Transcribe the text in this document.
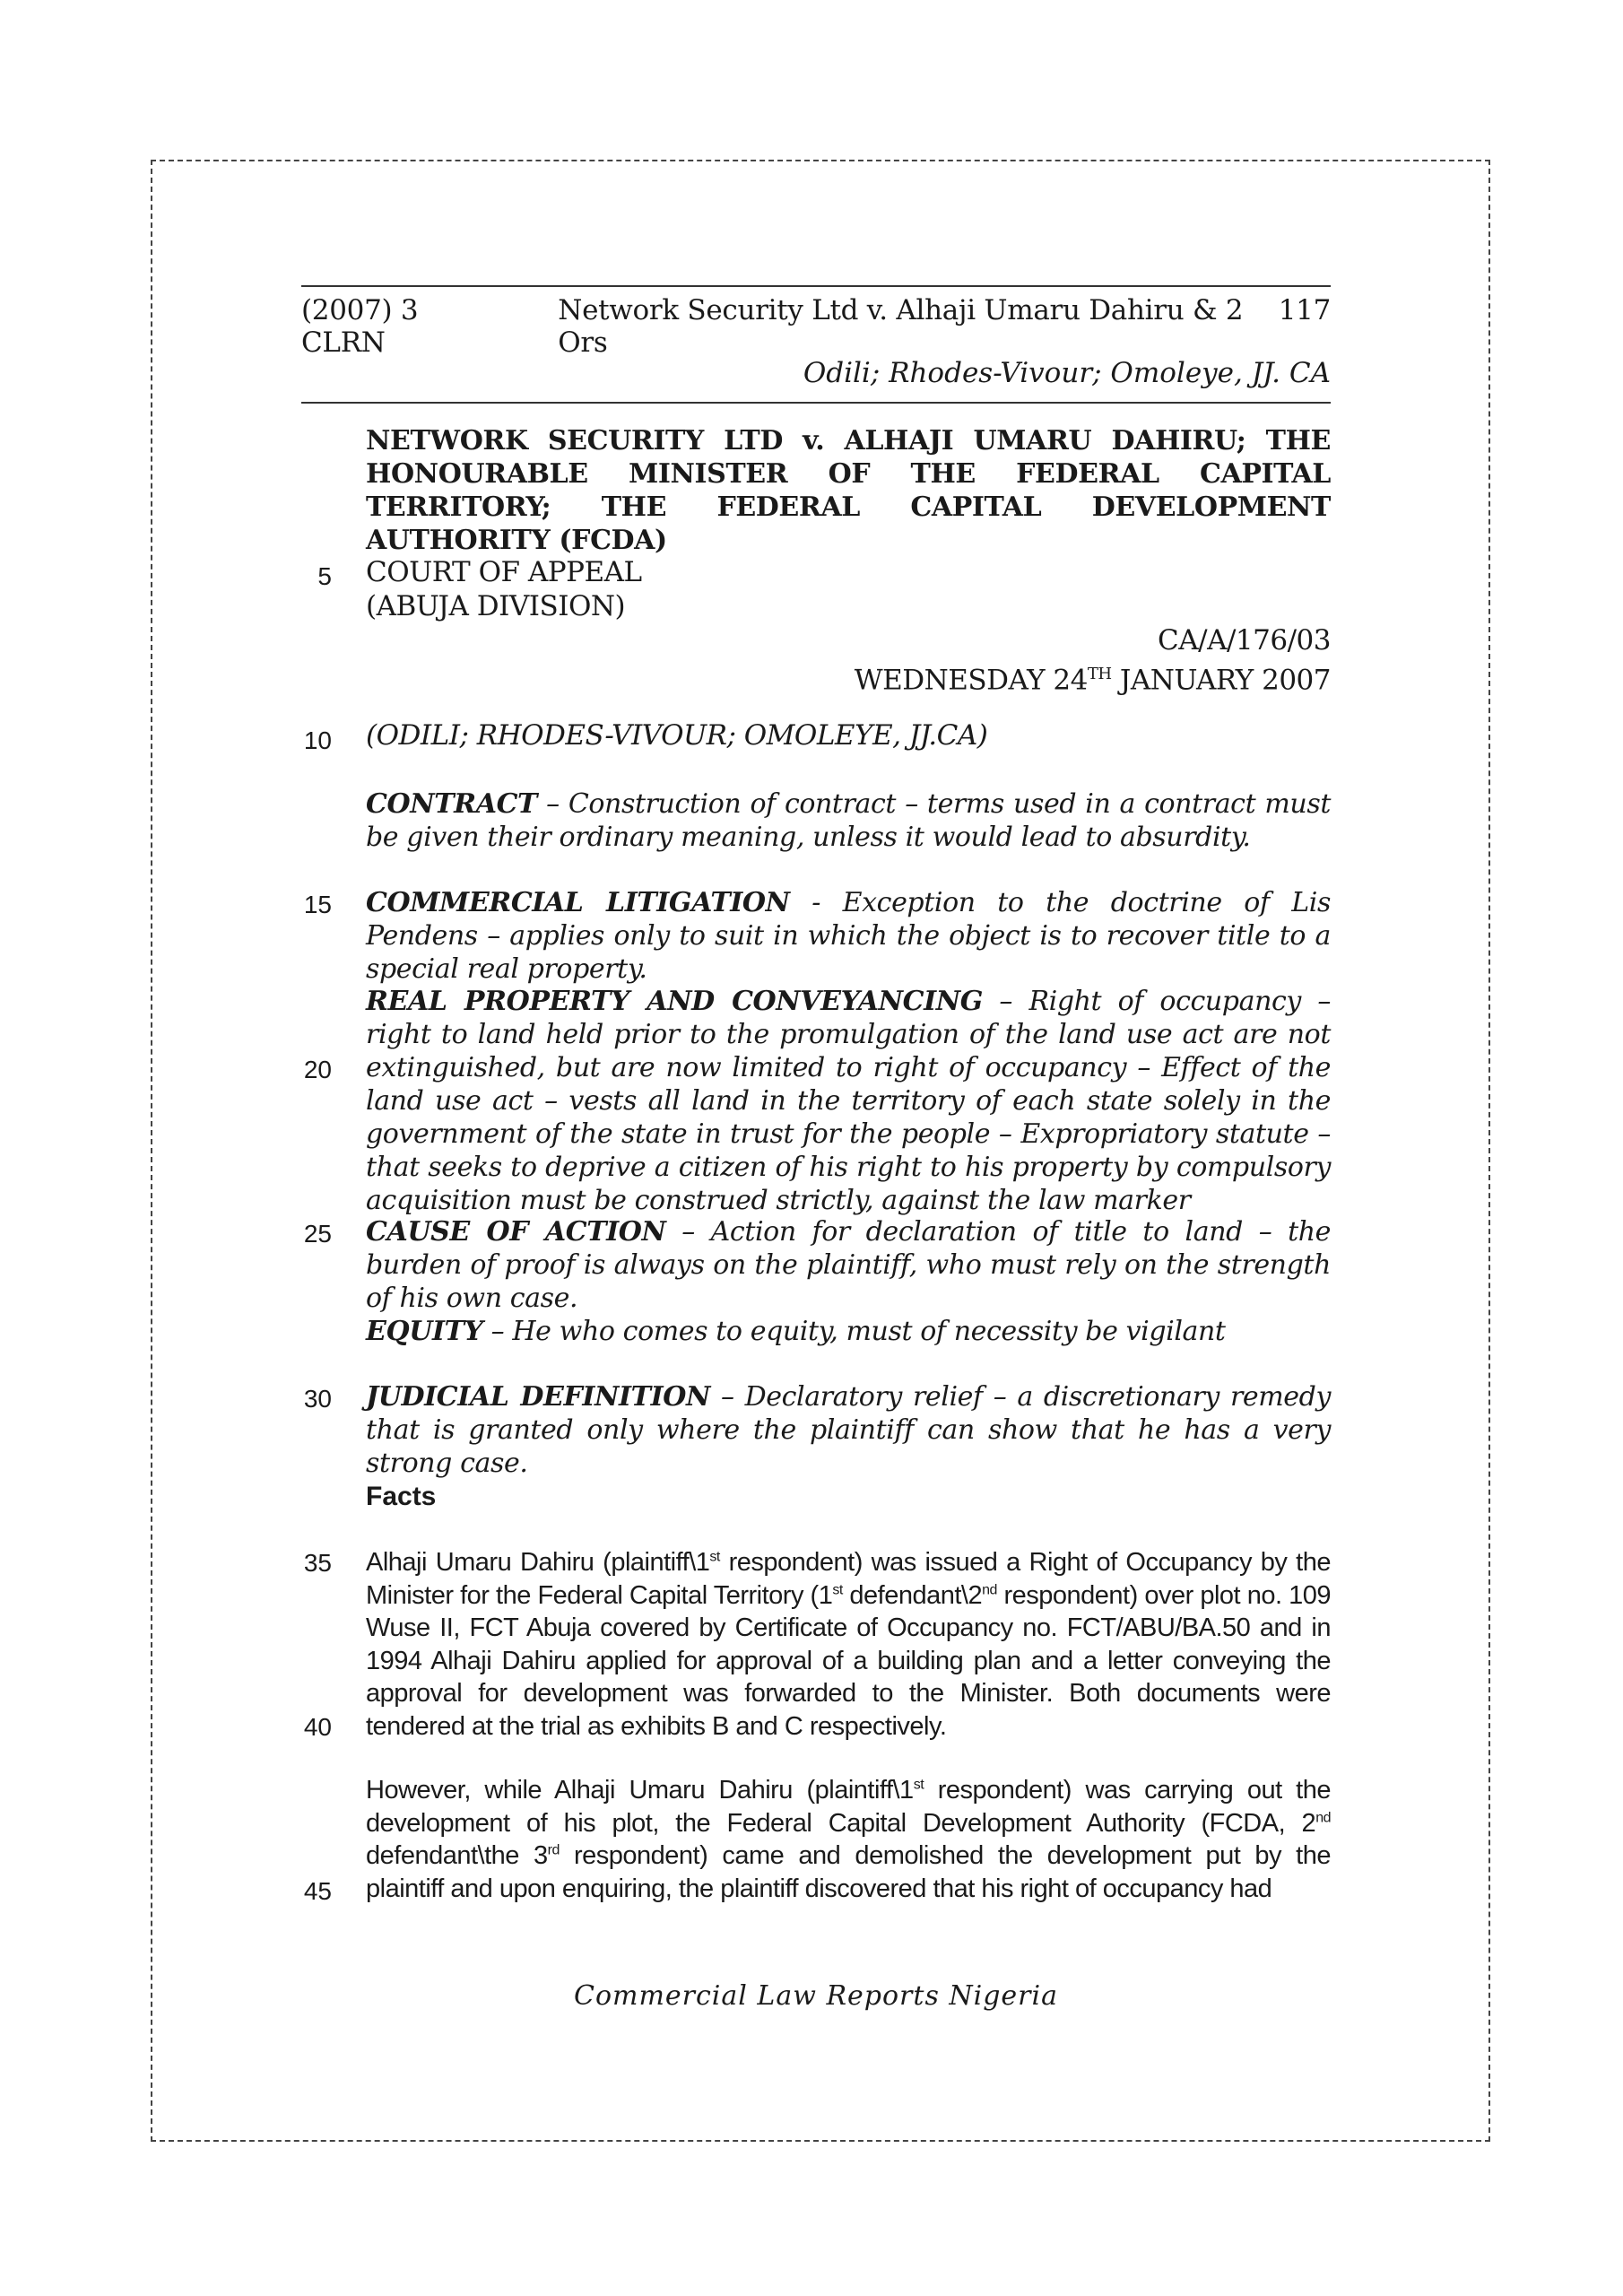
(2007) 3 CLRN
Network Security Ltd v. Alhaji Umaru Dahiru & 2 Ors
117
Odili; Rhodes-Vivour; Omoleye, JJ. CA
NETWORK SECURITY LTD v. ALHAJI UMARU DAHIRU; THE HONOURABLE MINISTER OF THE FEDERAL CAPITAL TERRITORY; THE FEDERAL CAPITAL DEVELOPMENT AUTHORITY (FCDA)
COURT OF APPEAL
(ABUJA DIVISION)
CA/A/176/03
WEDNESDAY 24TH JANUARY 2007
(ODILI; RHODES-VIVOUR; OMOLEYE, JJ.CA)
CONTRACT – Construction of contract – terms used in a contract must be given their ordinary meaning, unless it would lead to absurdity.
COMMERCIAL LITIGATION - Exception to the doctrine of Lis Pendens – applies only to suit in which the object is to recover title to a special real property.
REAL PROPERTY AND CONVEYANCING – Right of occupancy – right to land held prior to the promulgation of the land use act are not extinguished, but are now limited to right of occupancy – Effect of the land use act – vests all land in the territory of each state solely in the government of the state in trust for the people – Expropriatory statute – that seeks to deprive a citizen of his right to his property by compulsory acquisition must be construed strictly, against the law marker
CAUSE OF ACTION – Action for declaration of title to land – the burden of proof is always on the plaintiff, who must rely on the strength of his own case.
EQUITY – He who comes to equity, must of necessity be vigilant
JUDICIAL DEFINITION – Declaratory relief – a discretionary remedy that is granted only where the plaintiff can show that he has a very strong case.
Facts
Alhaji Umaru Dahiru (plaintiff\1st respondent) was issued a Right of Occupancy by the Minister for the Federal Capital Territory (1st defendant\2nd respondent) over plot no. 109 Wuse II, FCT Abuja covered by Certificate of Occupancy no. FCT/ABU/BA.50 and in 1994 Alhaji Dahiru applied for approval of a building plan and a letter conveying the approval for development was forwarded to the Minister. Both documents were tendered at the trial as exhibits B and C respectively.
However, while Alhaji Umaru Dahiru (plaintiff\1st respondent) was carrying out the development of his plot, the Federal Capital Development Authority (FCDA, 2nd defendant\the 3rd respondent) came and demolished the development put by the plaintiff and upon enquiring, the plaintiff discovered that his right of occupancy had
5
10
15
20
25
30
35
40
45
Commercial Law Reports Nigeria
